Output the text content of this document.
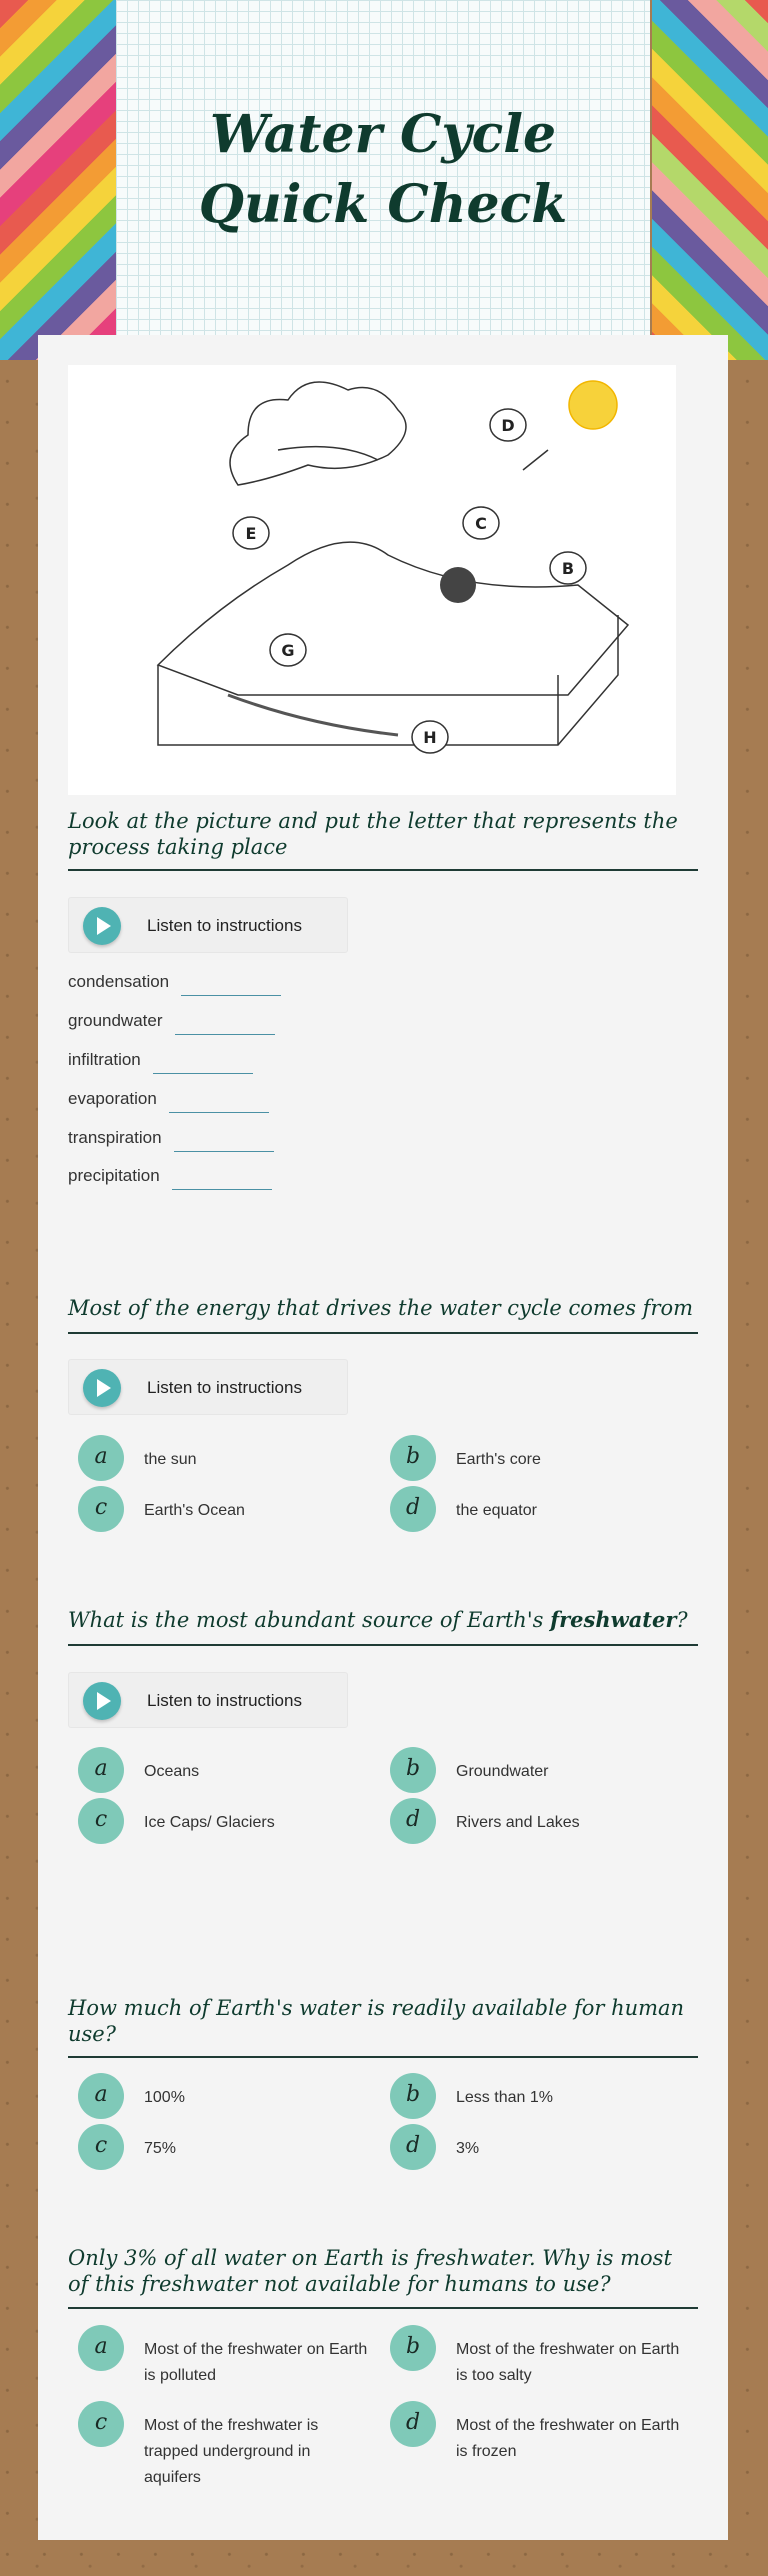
Water Cycle Quick Check
D
C
E
B
G
H
Look at the picture and put the letter that represents the process taking place
Listen to instructions
condensation
groundwater
infiltration
evaporation
transpiration
precipitation
Most of the energy that drives the water cycle comes from
Listen to instructions
a	the sun	b	Earth's core
c	Earth's Ocean	d	the equator
What is the most abundant source of Earth's freshwater?
Listen to instructions
a	Oceans	b	Groundwater
c	Ice Caps/ Glaciers	d	Rivers and Lakes
How much of Earth's water is readily available for human use?
a	100%	b	Less than 1%
c	75%	d	3%
Only 3% of all water on Earth is freshwater. Why is most of this freshwater not available for humans to use?
a	Most of the freshwater on Earth is polluted
b	Most of the freshwater on Earth is too salty
c	Most of the freshwater is trapped underground in aquifers
d	Most of the freshwater on Earth is frozen
